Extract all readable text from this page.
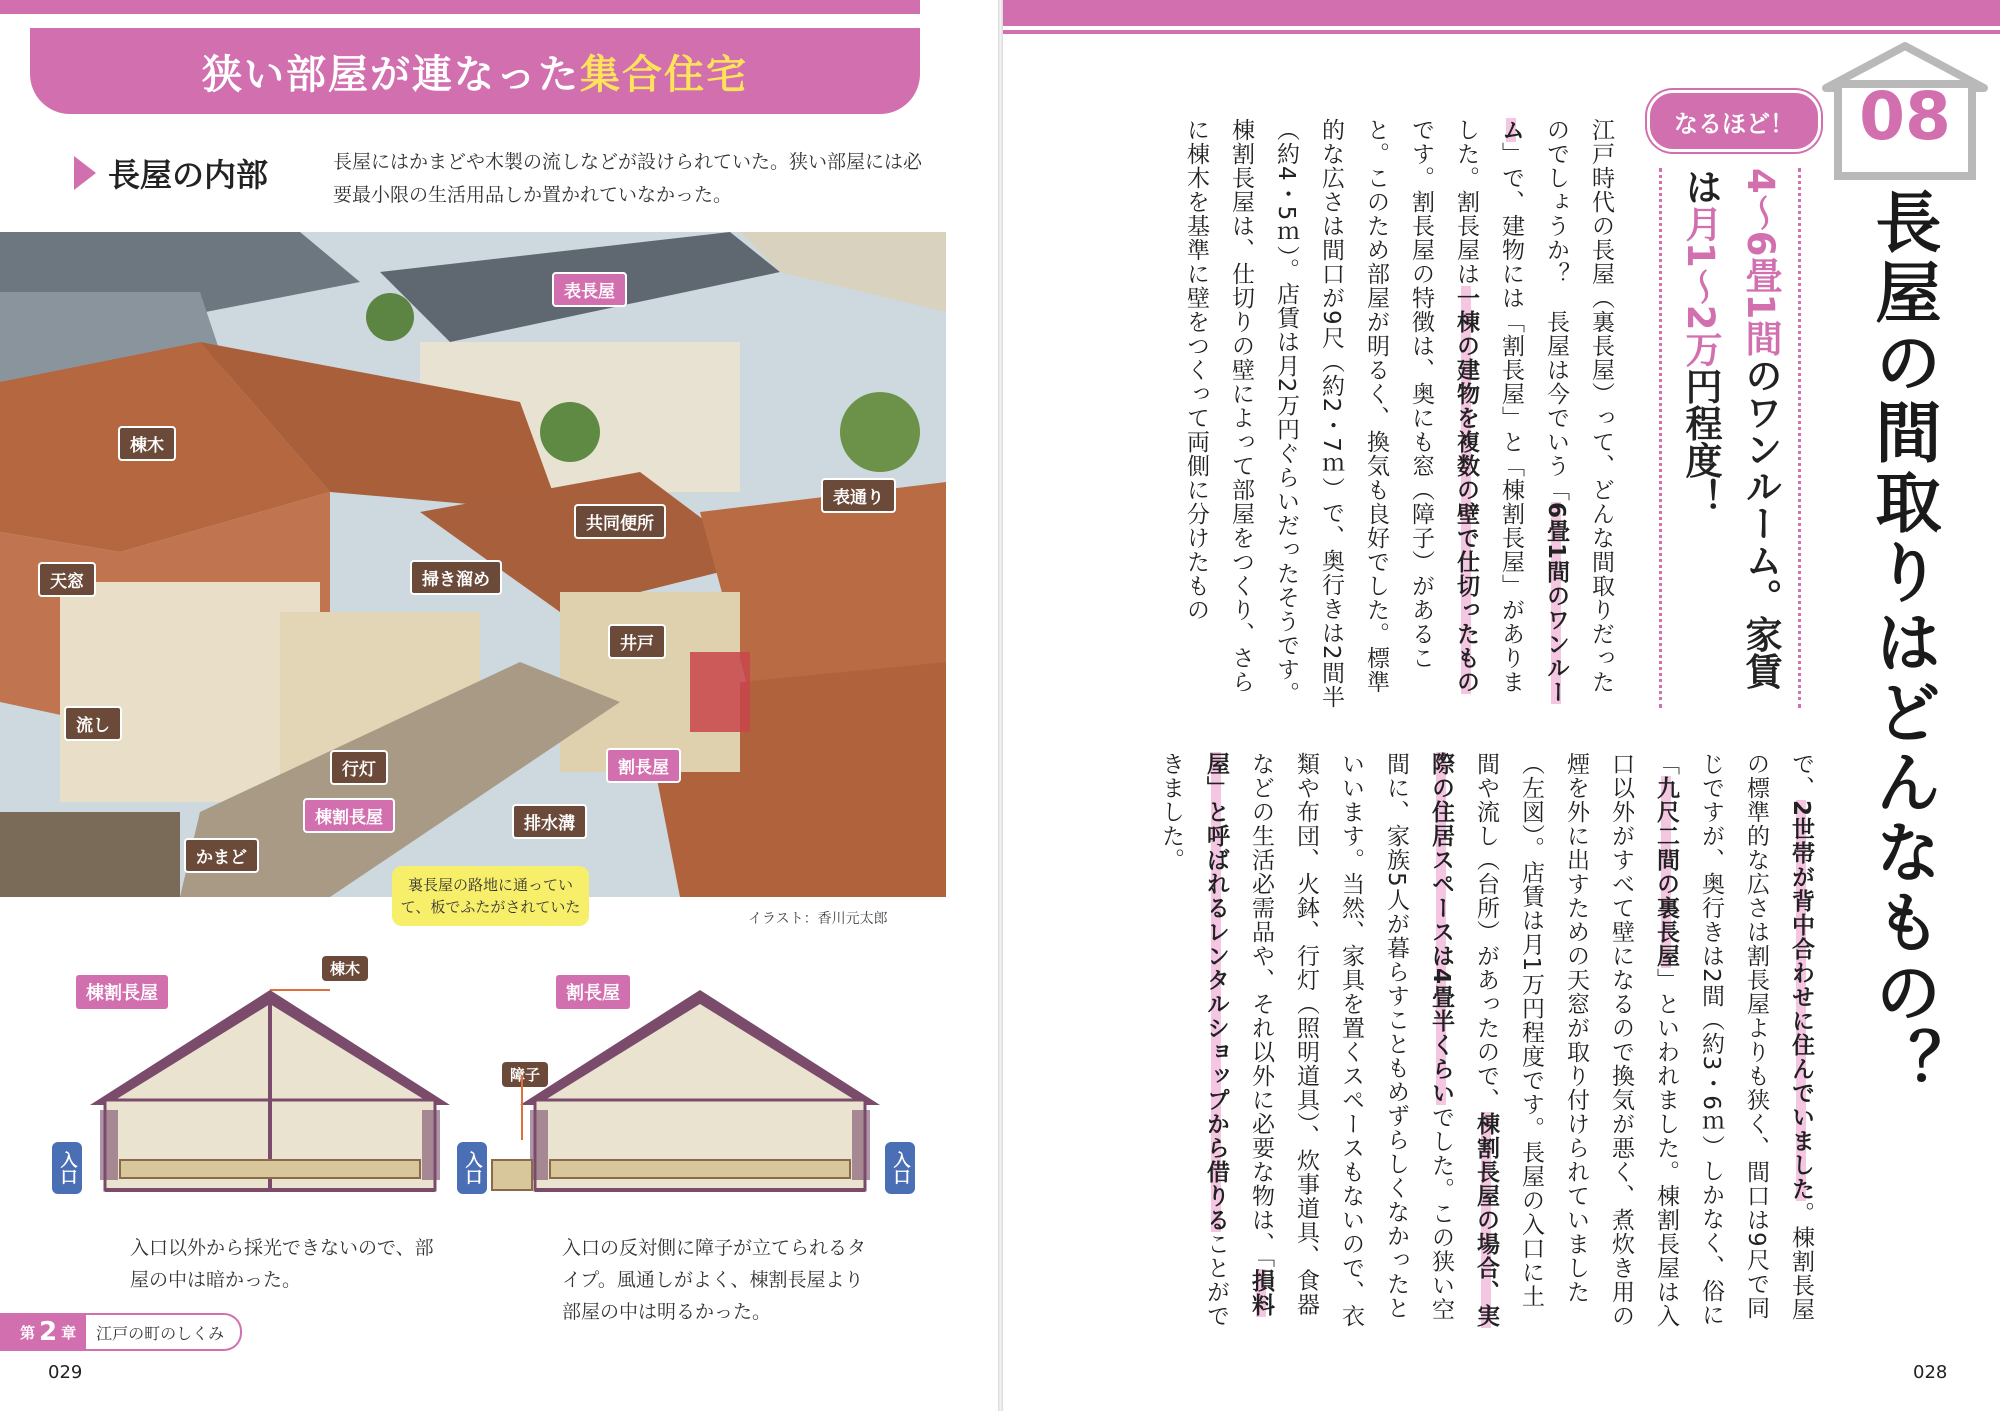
狭い部屋が連なった 集合住宅
長屋の内部	長屋にはかまどや木製の流しなどが設けられていた。狭い部屋には必要最小限の生活用品しか置かれていなかった。
表長屋
棟木
表通り
共同便所
天窓	掃き溜め
井戸
流し
行灯	割長屋
棟割長屋	排水溝
かまど
裏長屋の路地に通っていて、板でふたがされていた
イラスト：香川元太郎
棟割長屋
棟木
割長屋
障子
入口	入口	入口
入口以外から採光できないので、部屋の中は暗かった。
入口の反対側に障子が立てられるタイプ。風通しがよく、棟割長屋より部屋の中は明るかった。
第 2 章	江戸の町のしくみ
029
08
長屋の間取りはどんなもの？
なるほど！
4〜6畳1間のワンルーム。家賃は月1〜2万円程度！
江戸時代の長屋（裏長屋）って、どんな間取りだったのでしょうか？　長屋は今でいう「6畳1間のワンルーム」で、建物には「割長屋」と「棟割長屋」がありました。割長屋は一棟の建物を複数の壁で仕切ったものです。割長屋の特徴は、奥にも窓（障子）があること。このため部屋が明るく、換気も良好でした。標準的な広さは間口が9尺（約2・7ｍ）で、奥行きは2間半（約4・5ｍ）。店賃は月2万円ぐらいだったそうです。棟割長屋は、仕切りの壁によって部屋をつくり、さらに棟木を基準に壁をつくって両側に分けたもの
で、2世帯が背中合わせに住んでいました。棟割長屋の標準的な広さは割長屋よりも狭く、間口は9尺で同じですが、奥行きは2間（約3・6ｍ）しかなく、俗に「九尺二間の裏長屋」といわれました。棟割長屋は入口以外がすべて壁になるので換気が悪く、煮炊き用の煙を外に出すための天窓が取り付けられていました（左図）。店賃は月1万円程度です。長屋の入口に土間や流し（台所）があったので、棟割長屋の場合、実際の住居スペースは4畳半くらいでした。この狭い空間に、家族5人が暮らすこともめずらしくなかったといいます。当然、家具を置くスペースもないので、衣類や布団、火鉢、行灯（照明道具）、炊事道具、食器などの生活必需品や、それ以外に必要な物は、「損料屋」と呼ばれるレンタルショップから借りることができました。
028
